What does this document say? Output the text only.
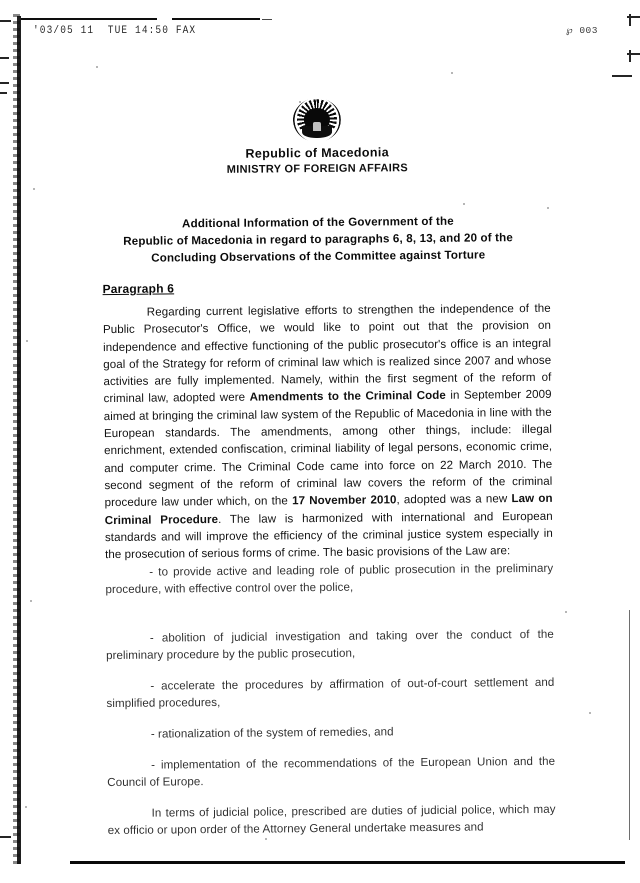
'03/05 11  TUE 14:50 FAX	℘ 003
Republic of Macedonia
MINISTRY OF FOREIGN AFFAIRS
Additional Information of the Government of the
Republic of Macedonia in regard to paragraphs 6, 8, 13, and 20 of the
Concluding Observations of the Committee against Torture
Paragraph 6
Regarding current legislative efforts to strengthen the independence of the Public Prosecutor's Office, we would like to point out that the provision on independence and effective functioning of the public prosecutor's office is an integral goal of the Strategy for reform of criminal law which is realized since 2007 and whose activities are fully implemented. Namely, within the first segment of the reform of criminal law, adopted were Amendments to the Criminal Code in September 2009 aimed at bringing the criminal law system of the Republic of Macedonia in line with the European standards. The amendments, among other things, include: illegal enrichment, extended confiscation, criminal liability of legal persons, economic crime, and computer crime. The Criminal Code came into force on 22 March 2010. The second segment of the reform of criminal law covers the reform of the criminal procedure law under which, on the 17 November 2010, adopted was a new Law on Criminal Procedure. The law is harmonized with international and European standards and will improve the efficiency of the criminal justice system especially in the prosecution of serious forms of crime. The basic provisions of the Law are:
- to provide active and leading role of public prosecution in the preliminary procedure, with effective control over the police,
- abolition of judicial investigation and taking over the conduct of the preliminary procedure by the public prosecution,
- accelerate the procedures by affirmation of out-of-court settlement and simplified procedures,
- rationalization of the system of remedies, and
- implementation of the recommendations of the European Union and the Council of Europe.
In terms of judicial police, prescribed are duties of judicial police, which may ex officio or upon order of the Attorney General undertake measures and
